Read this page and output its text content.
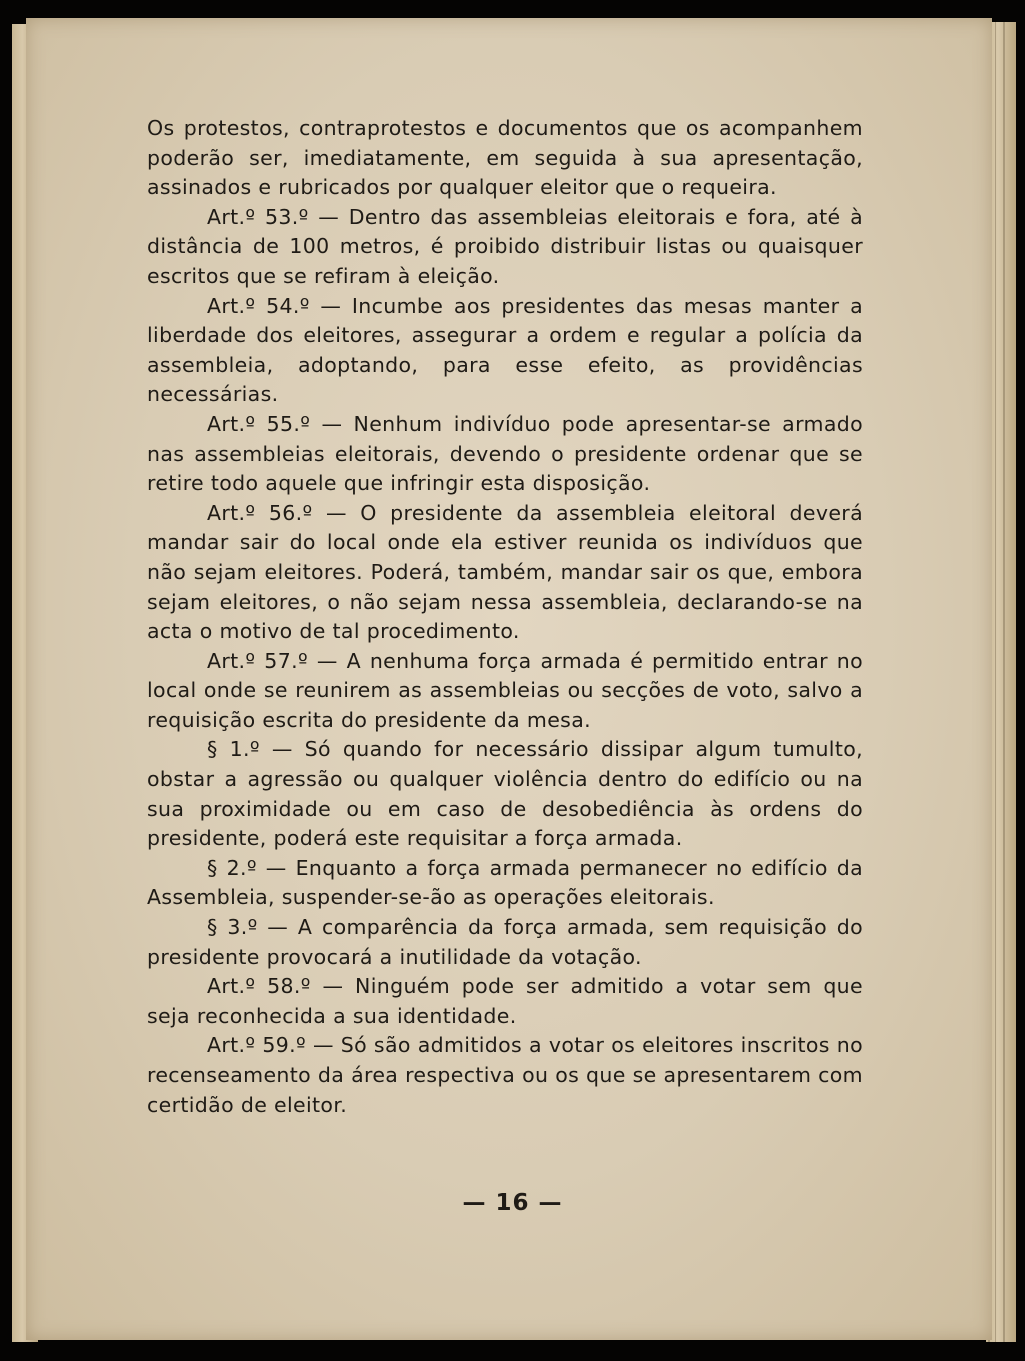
Os protestos, contraprotestos e documentos que os acompanhem poderão ser, imediatamente, em seguida à sua apresentação, assinados e rubricados por qualquer eleitor que o requeira.

Art.º 53.º — Dentro das assembleias eleitorais e fora, até à distância de 100 metros, é proibido distribuir listas ou quaisquer escritos que se refiram à eleição.

Art.º 54.º — Incumbe aos presidentes das mesas manter a liberdade dos eleitores, assegurar a ordem e regular a polícia da assembleia, adoptando, para esse efeito, as providências necessárias.

Art.º 55.º — Nenhum indivíduo pode apresentar-se armado nas assembleias eleitorais, devendo o presidente ordenar que se retire todo aquele que infringir esta disposição.

Art.º 56.º — O presidente da assembleia eleitoral deverá mandar sair do local onde ela estiver reunida os indivíduos que não sejam eleitores. Poderá, também, mandar sair os que, embora sejam eleitores, o não sejam nessa assembleia, declarando-se na acta o motivo de tal procedimento.

Art.º 57.º — A nenhuma força armada é permitido entrar no local onde se reunirem as assembleias ou secções de voto, salvo a requisição escrita do presidente da mesa.

§ 1.º — Só quando for necessário dissipar algum tumulto, obstar a agressão ou qualquer violência dentro do edifício ou na sua proximidade ou em caso de desobediência às ordens do presidente, poderá este requisitar a força armada.

§ 2.º — Enquanto a força armada permanecer no edifício da Assembleia, suspender-se-ão as operações eleitorais.

§ 3.º — A comparência da força armada, sem requisição do presidente provocará a inutilidade da votação.

Art.º 58.º — Ninguém pode ser admitido a votar sem que seja reconhecida a sua identidade.

Art.º 59.º — Só são admitidos a votar os eleitores inscritos no recenseamento da área respectiva ou os que se apresentarem com certidão de eleitor.

— 16 —
